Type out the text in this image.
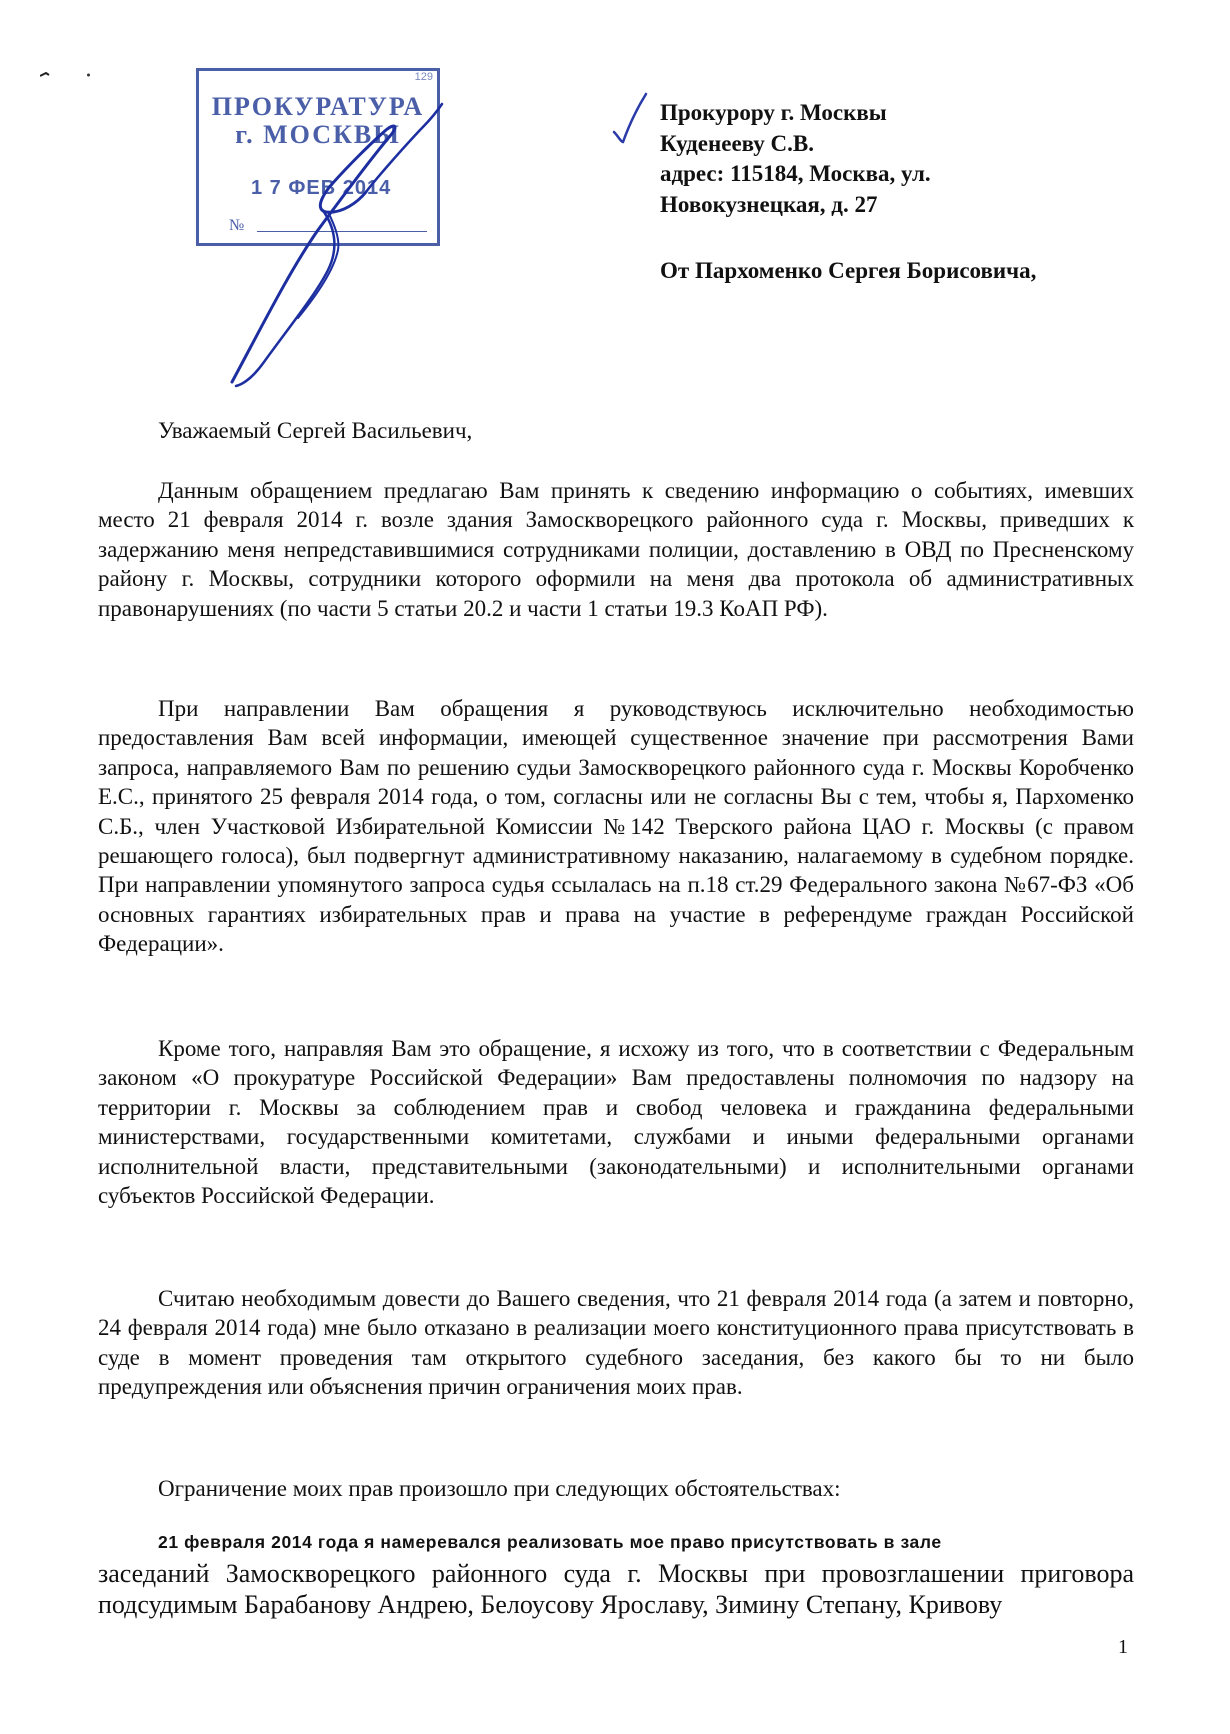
129
ПРОКУРАТУРА
г. МОСКВЫ
1 7 ФЕВ 2014
№
Прокурору г. Москвы
Куденееву С.В.
адрес: 115184, Москва, ул.
Новокузнецкая, д. 27
От Пархоменко Сергея Борисовича,
Уважаемый Сергей Васильевич,

Данным обращением предлагаю Вам принять к сведению информацию о событиях, имевших место 21 февраля 2014 г. возле здания Замоскворецкого районного суда г. Москвы, приведших к задержанию меня непредставившимися сотрудниками полиции, доставлению в ОВД по Пресненскому району г. Москвы, сотрудники которого оформили на меня два протокола об административных правонарушениях (по части 5 статьи 20.2 и части 1 статьи 19.3 КоАП РФ).

При направлении Вам обращения я руководствуюсь исключительно необходимостью предоставления Вам всей информации, имеющей существенное значение при рассмотрения Вами запроса, направляемого Вам по решению судьи Замоскворецкого районного суда г. Москвы Коробченко Е.С., принятого 25 февраля 2014 года, о том, согласны или не согласны Вы с тем, чтобы я, Пархоменко С.Б., член Участковой Избирательной Комиссии №142 Тверского района ЦАО г. Москвы (с правом решающего голоса), был подвергнут административному наказанию, налагаемому в судебном порядке. При направлении упомянутого запроса судья ссылалась на п.18 ст.29 Федерального закона №67-ФЗ «Об основных гарантиях избирательных прав и права на участие в референдуме граждан Российской Федерации».

Кроме того, направляя Вам это обращение, я исхожу из того, что в соответствии с Федеральным законом «О прокуратуре Российской Федерации» Вам предоставлены полномочия по надзору на территории г. Москвы за соблюдением прав и свобод человека и гражданина федеральными министерствами, государственными комитетами, службами и иными федеральными органами исполнительной власти, представительными (законодательными) и исполнительными органами субъектов Российской Федерации.

Считаю необходимым довести до Вашего сведения, что 21 февраля 2014 года (а затем и повторно, 24 февраля 2014 года) мне было отказано в реализации моего конституционного права присутствовать в суде в момент проведения там открытого судебного заседания, без какого бы то ни было предупреждения или объяснения причин ограничения моих прав.

Ограничение моих прав произошло при следующих обстоятельствах:

21 февраля 2014 года я намеревался реализовать мое право присутствовать в зале

заседаний Замоскворецкого районного суда г. Москвы при провозглашении приговора подсудимым Барабанову Андрею, Белоусову Ярославу, Зимину Степану, Кривову

1
